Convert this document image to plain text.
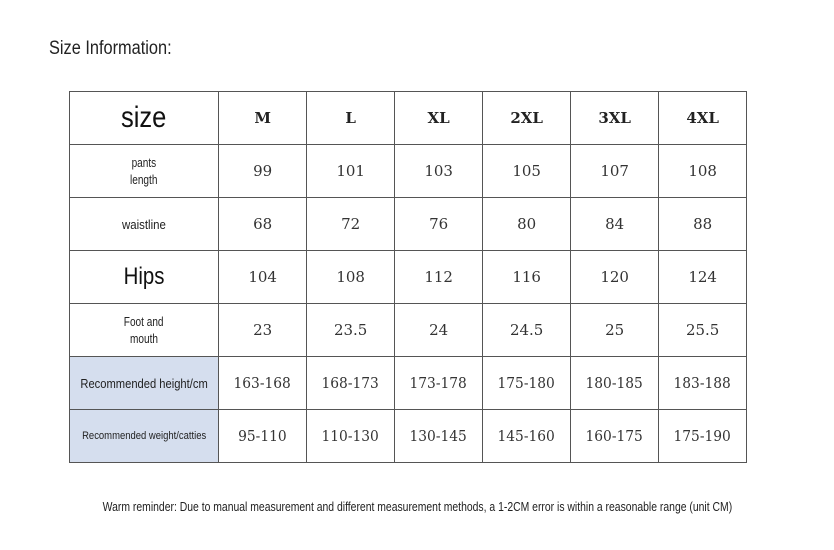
Size Information:
size	M	L	XL	2XL	3XL	4XL
pants
length	99	101	103	105	107	108
waistline	68	72	76	80	84	88
Hips	104	108	112	116	120	124
Foot and
mouth	23	23.5	24	24.5	25	25.5
Recommended height/cm	163-168	168-173	173-178	175-180	180-185	183-188
Recommended weight/catties	95-110	110-130	130-145	145-160	160-175	175-190
Warm reminder: Due to manual measurement and different measurement methods, a 1-2CM error is within a reasonable range (unit CM)
